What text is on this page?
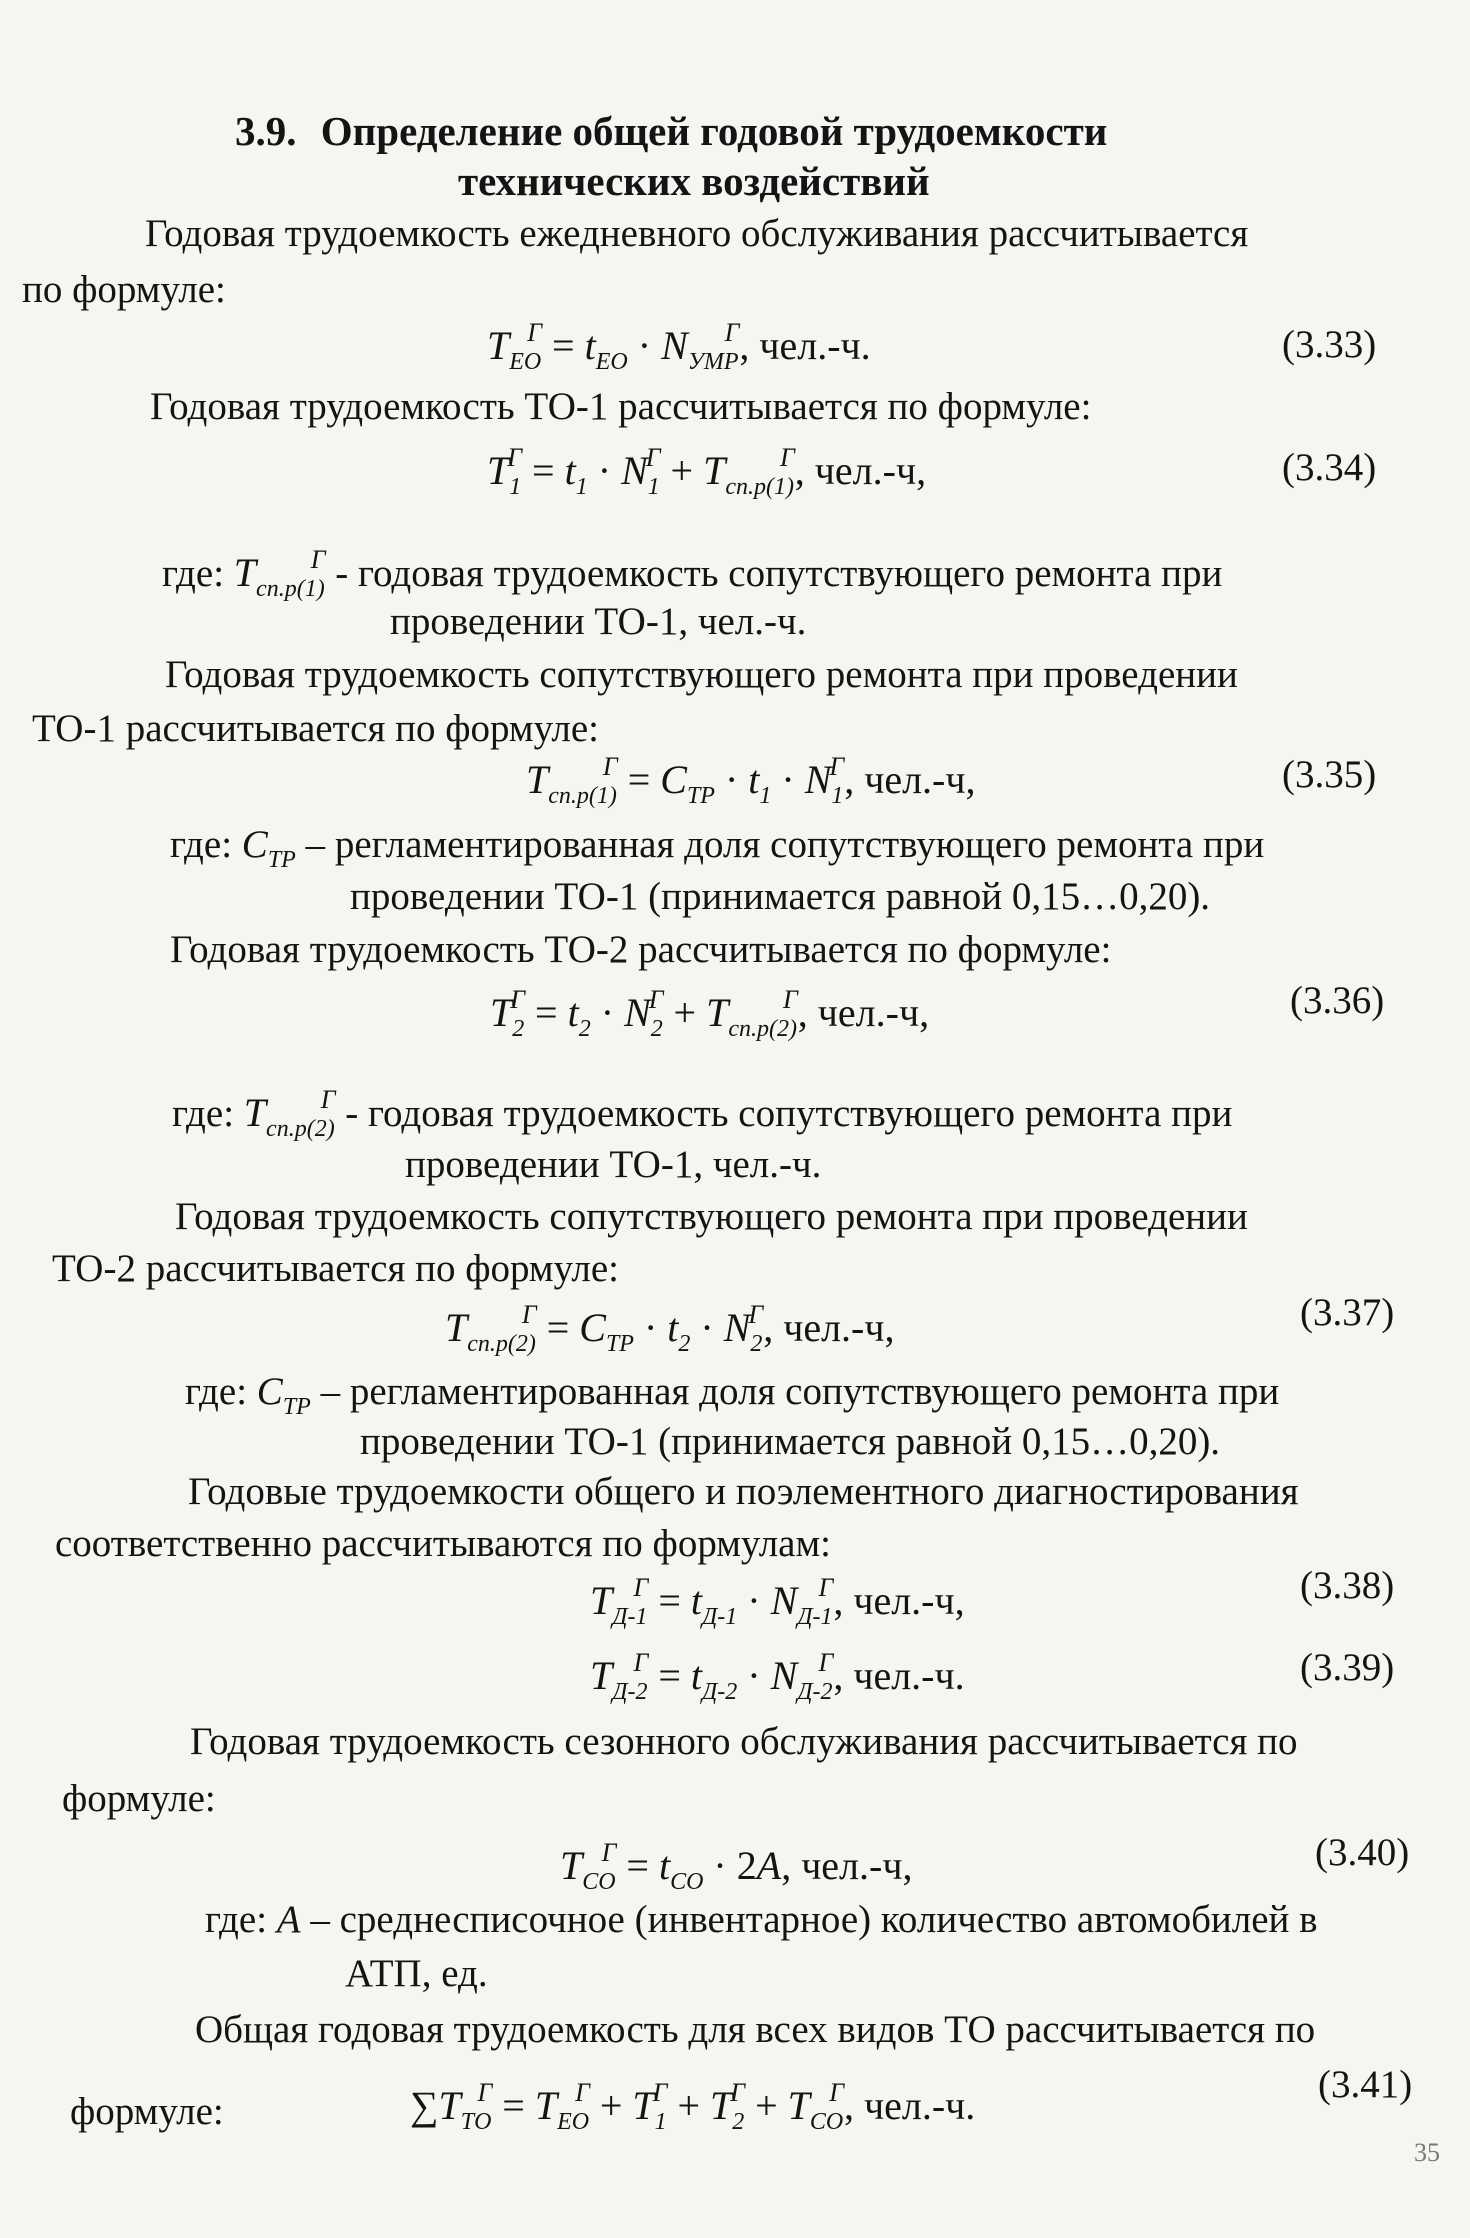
3.9. Определение общей годовой трудоемкости
технических воздействий
Годовая трудоемкость ежедневного обслуживания рассчитывается
по формуле:
$T_{EO}^Г = t_{EO} \cdot N_{УМР}^Г$, чел.-ч.	(3.33)
Годовая трудоемкость ТО-1 рассчитывается по формуле:
$T_1^Г = t_1 \cdot N_1^Г + T_{cп.р(1)}^Г$, чел.-ч,	(3.34)
где: $T_{cп.р(1)}^Г$ - годовая трудоемкость сопутствующего ремонта при
проведении ТО-1, чел.-ч.
Годовая трудоемкость сопутствующего ремонта при проведении
ТО-1 рассчитывается по формуле:
$T_{cп.р(1)}^Г = C_{ТР} \cdot t_1 \cdot N_1^Г$, чел.-ч,	(3.35)
где: $C_{ТР}$ – регламентированная доля сопутствующего ремонта при
проведении ТО-1 (принимается равной 0,15…0,20).
Годовая трудоемкость ТО-2 рассчитывается по формуле:
$T_2^Г = t_2 \cdot N_2^Г + T_{cп.р(2)}^Г$, чел.-ч,	(3.36)
где: $T_{cп.р(2)}^Г$ - годовая трудоемкость сопутствующего ремонта при
проведении ТО-1, чел.-ч.
Годовая трудоемкость сопутствующего ремонта при проведении
ТО-2 рассчитывается по формуле:
$T_{cп.р(2)}^Г = C_{ТР} \cdot t_2 \cdot N_2^Г$, чел.-ч,	(3.37)
где: $C_{ТР}$ – регламентированная доля сопутствующего ремонта при
проведении ТО-1 (принимается равной 0,15…0,20).
Годовые трудоемкости общего и поэлементного диагностирования
соответственно рассчитываются по формулам:
$T_{Д-1}^Г = t_{Д-1} \cdot N_{Д-1}^Г$, чел.-ч,	(3.38)
$T_{Д-2}^Г = t_{Д-2} \cdot N_{Д-2}^Г$, чел.-ч.	(3.39)
Годовая трудоемкость сезонного обслуживания рассчитывается по
формуле:
$T_{CO}^Г = t_{CO} \cdot 2A$, чел.-ч,	(3.40)
где: A – среднесписочное (инвентарное) количество автомобилей в
АТП, ед.
Общая годовая трудоемкость для всех видов ТО рассчитывается по
формуле:	$\sum T_{ТО}^Г = T_{EO}^Г + T_1^Г + T_2^Г + T_{CO}^Г$, чел.-ч.	(3.41)
35
